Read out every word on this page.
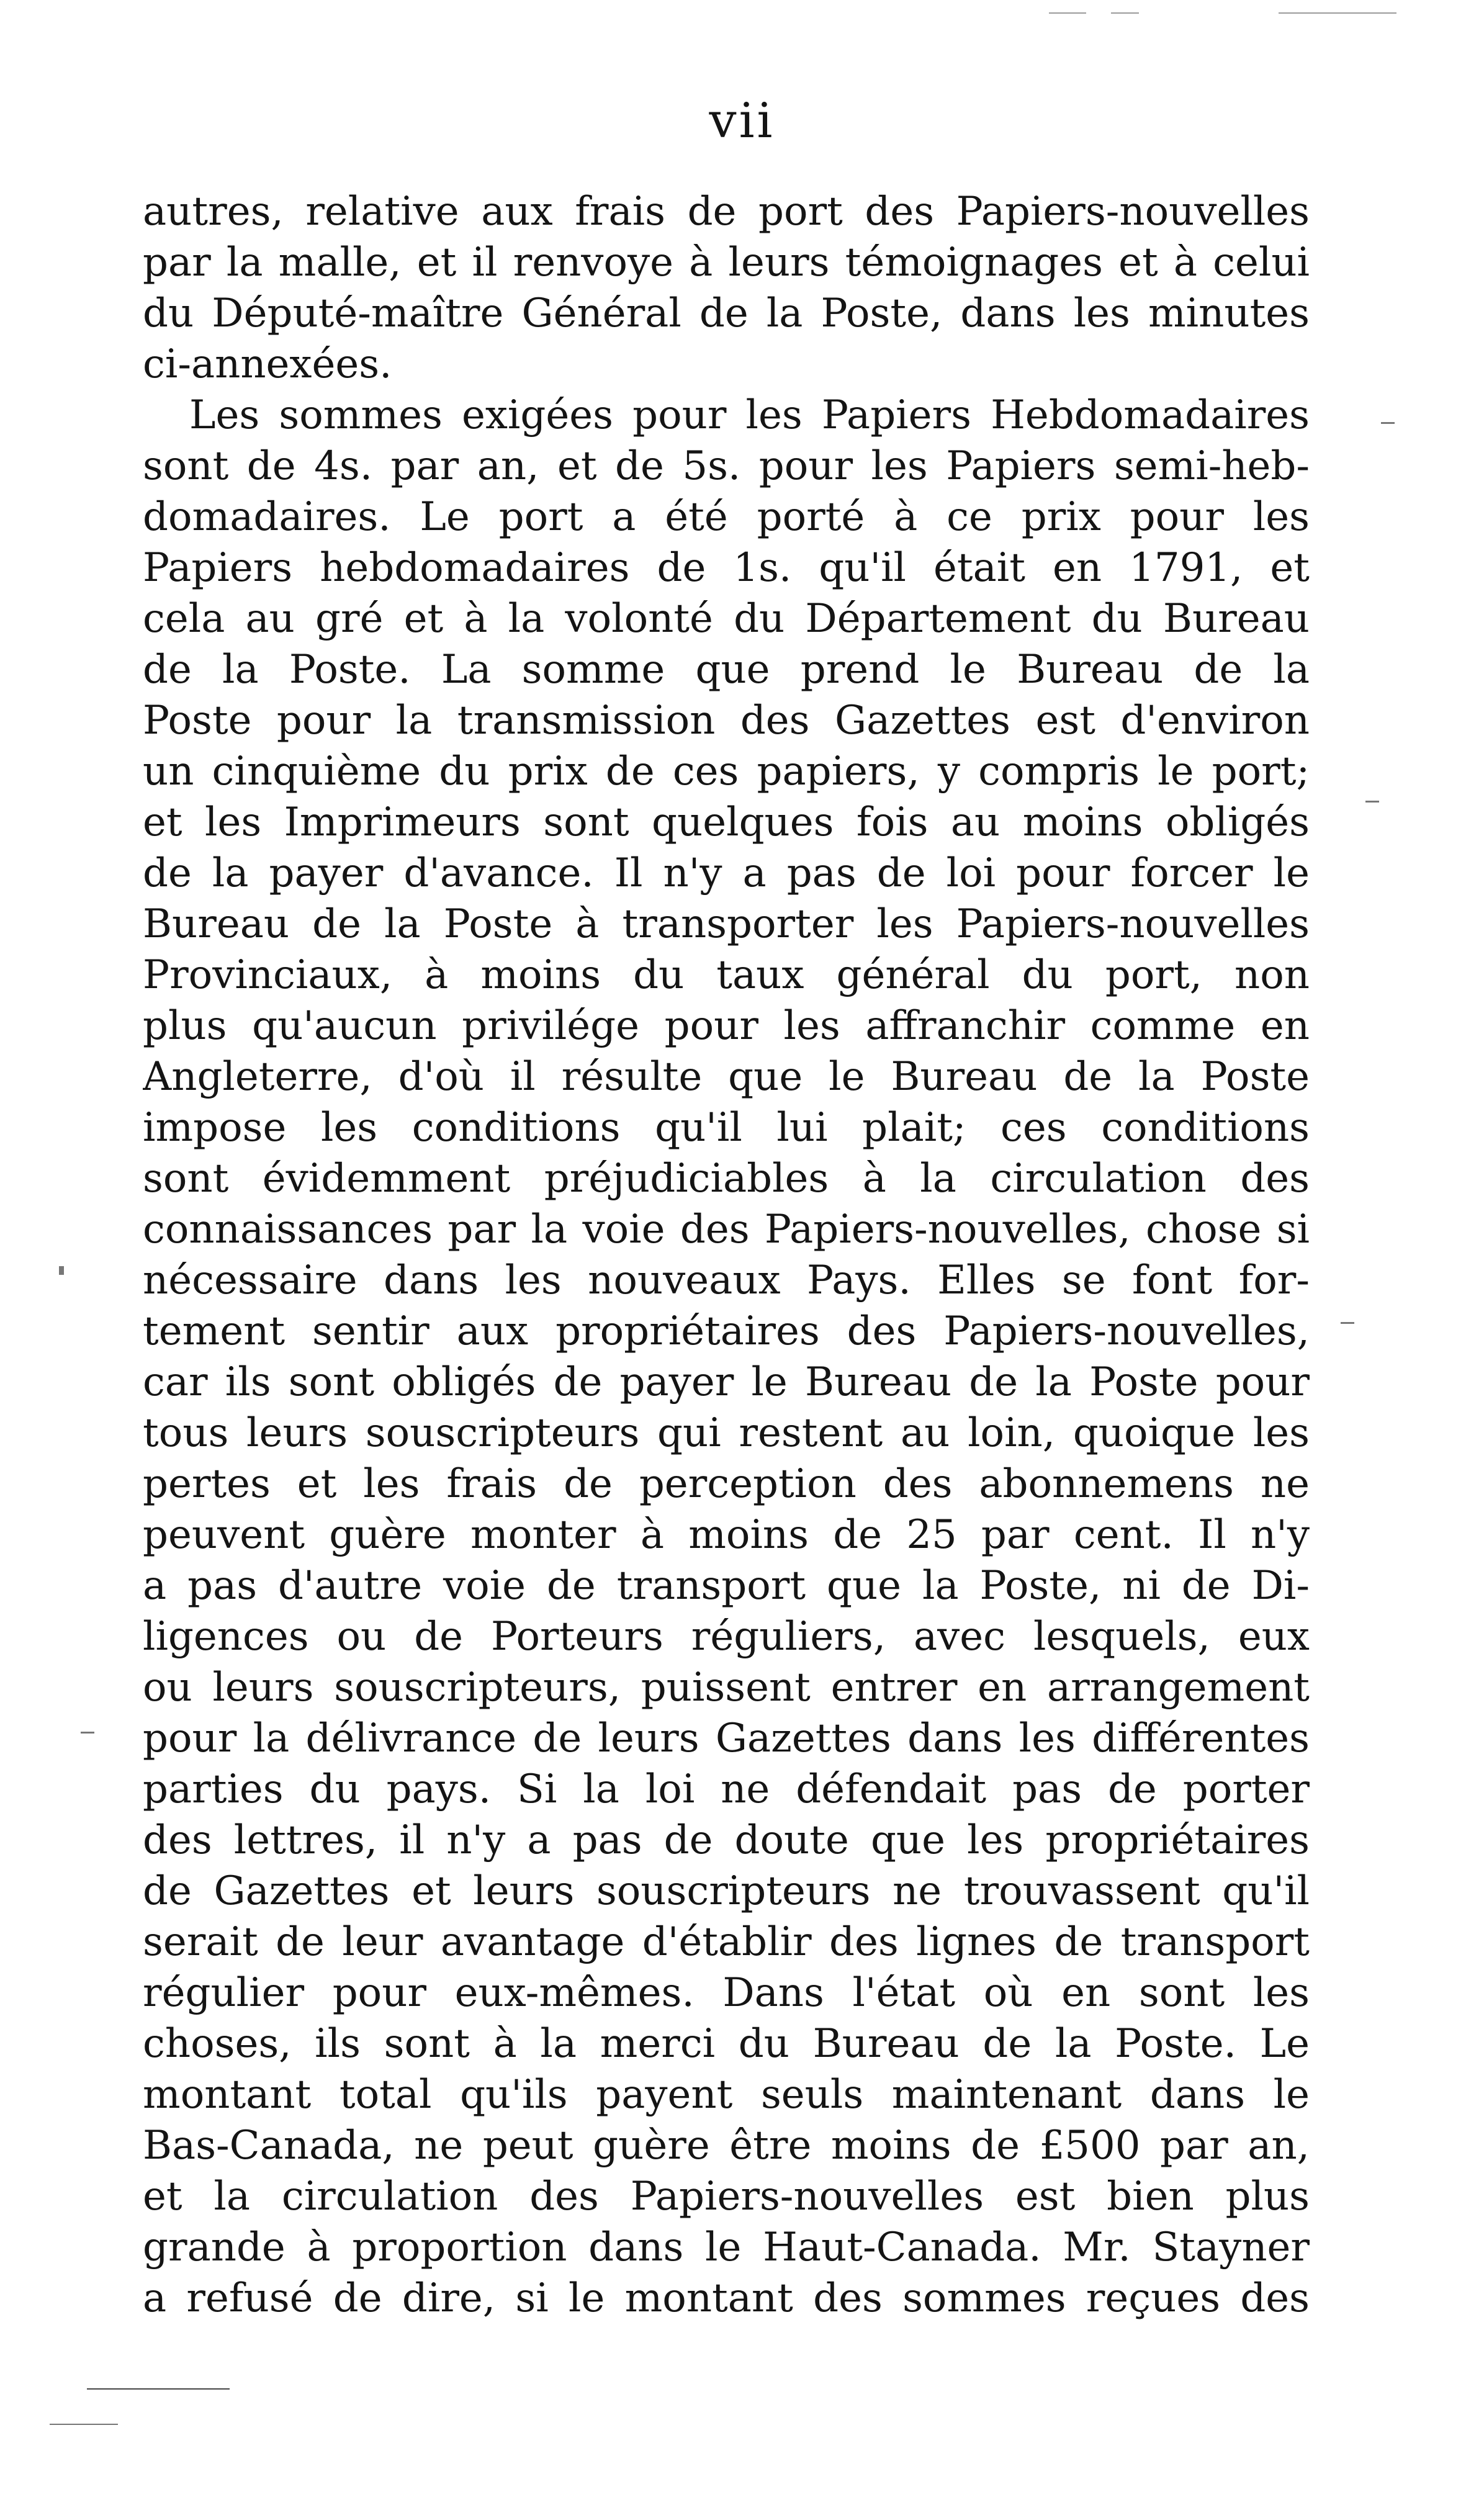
vii
autres, relative aux frais de port des Papiers-nouvelles
par la malle, et il renvoye à leurs témoignages et à celui
du Député-maître Général de la Poste, dans les minutes
ci-annexées.
Les sommes exigées pour les Papiers Hebdomadaires
sont de 4s. par an, et de 5s. pour les Papiers semi-heb-
domadaires. Le port a été porté à ce prix pour les
Papiers hebdomadaires de 1s. qu'il était en 1791, et
cela au gré et à la volonté du Département du Bureau
de la Poste. La somme que prend le Bureau de la
Poste pour la transmission des Gazettes est d'environ
un cinquième du prix de ces papiers, y compris le port;
et les Imprimeurs sont quelques fois au moins obligés
de la payer d'avance. Il n'y a pas de loi pour forcer le
Bureau de la Poste à transporter les Papiers-nouvelles
Provinciaux, à moins du taux général du port, non
plus qu'aucun privilége pour les affranchir comme en
Angleterre, d'où il résulte que le Bureau de la Poste
impose les conditions qu'il lui plait; ces conditions
sont évidemment préjudiciables à la circulation des
connaissances par la voie des Papiers-nouvelles, chose si
nécessaire dans les nouveaux Pays. Elles se font for-
tement sentir aux propriétaires des Papiers-nouvelles,
car ils sont obligés de payer le Bureau de la Poste pour
tous leurs souscripteurs qui restent au loin, quoique les
pertes et les frais de perception des abonnemens ne
peuvent guère monter à moins de 25 par cent. Il n'y
a pas d'autre voie de transport que la Poste, ni de Di-
ligences ou de Porteurs réguliers, avec lesquels, eux
ou leurs souscripteurs, puissent entrer en arrangement
pour la délivrance de leurs Gazettes dans les différentes
parties du pays. Si la loi ne défendait pas de porter
des lettres, il n'y a pas de doute que les propriétaires
de Gazettes et leurs souscripteurs ne trouvassent qu'il
serait de leur avantage d'établir des lignes de transport
régulier pour eux-mêmes. Dans l'état où en sont les
choses, ils sont à la merci du Bureau de la Poste. Le
montant total qu'ils payent seuls maintenant dans le
Bas-Canada, ne peut guère être moins de £500 par an,
et la circulation des Papiers-nouvelles est bien plus
grande à proportion dans le Haut-Canada. Mr. Stayner
a refusé de dire, si le montant des sommes reçues des
